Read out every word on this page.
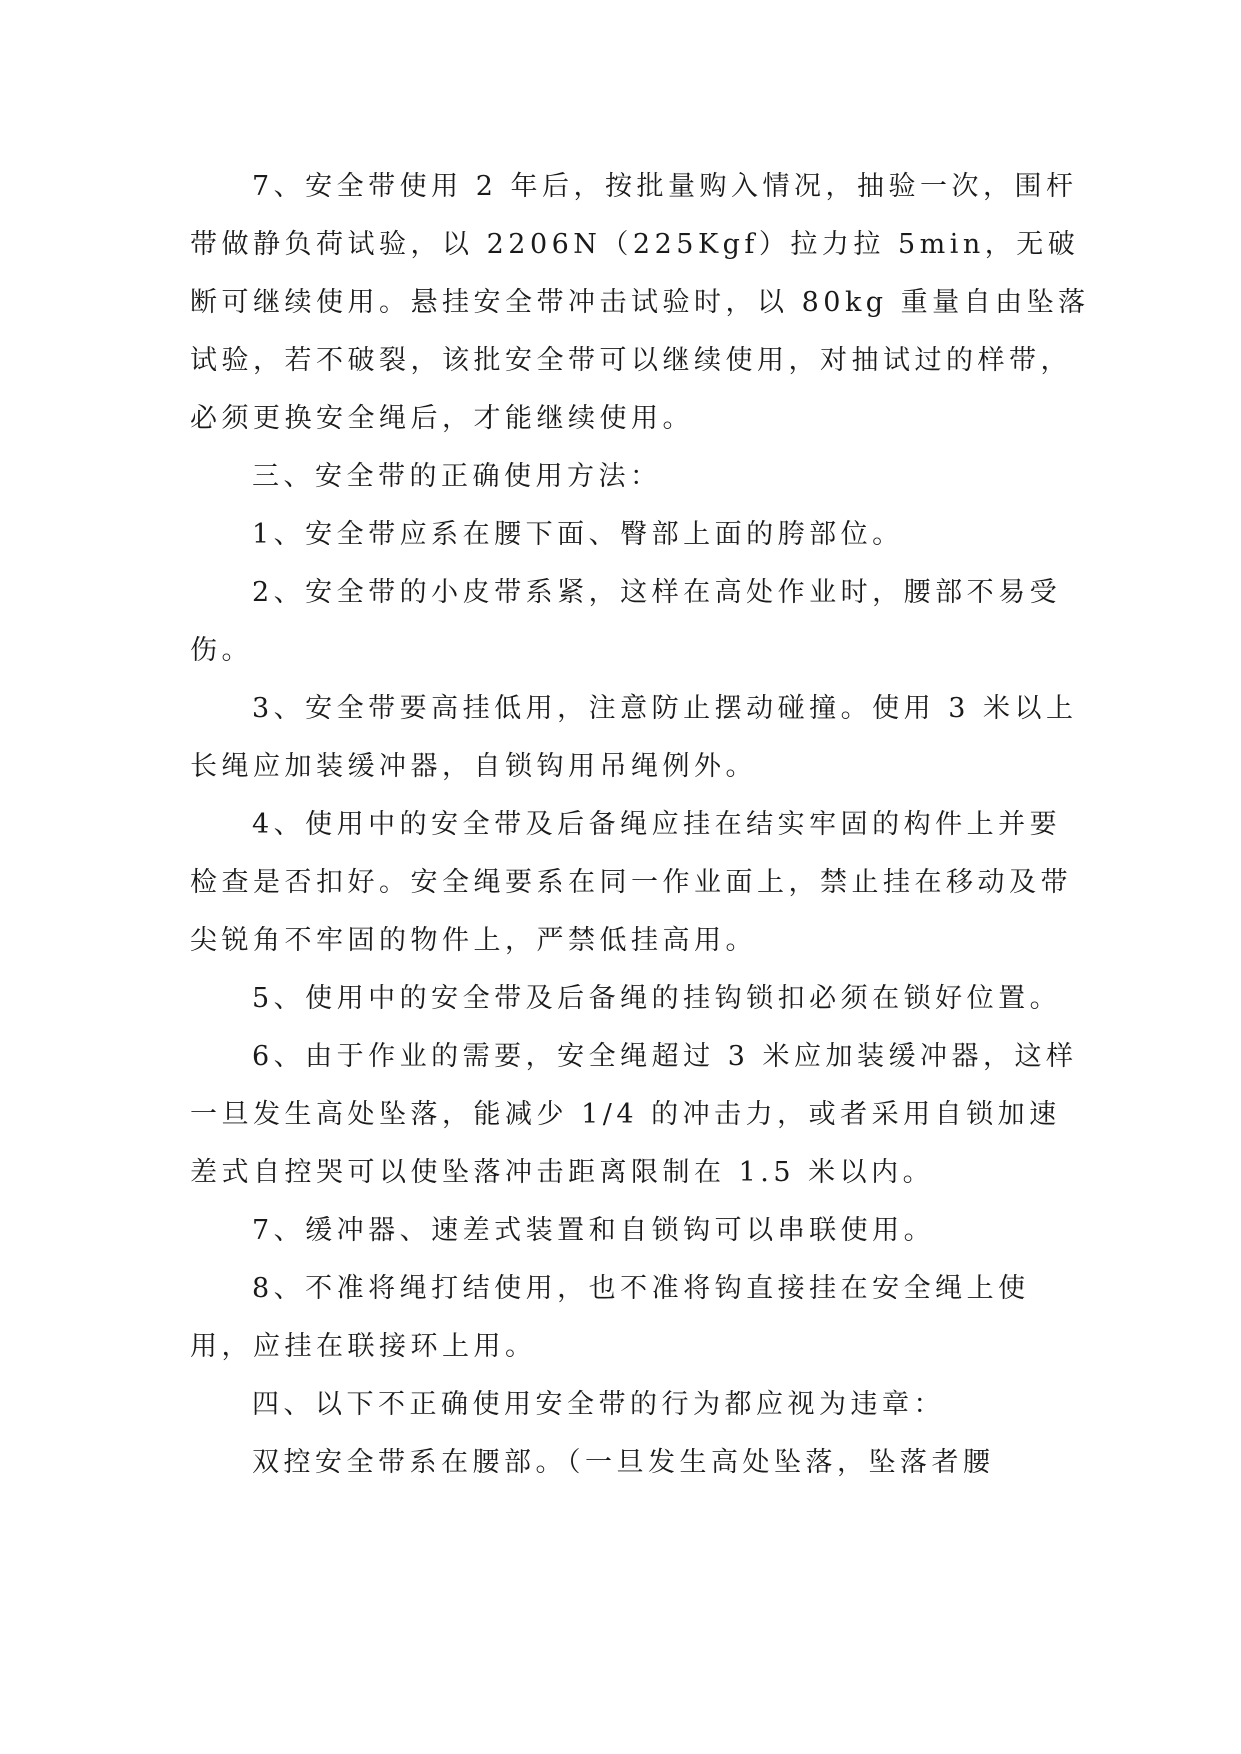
7、安全带使用 2 年后，按批量购入情况，抽验一次，围杆带做静负荷试验，以 2206N（225Kgf）拉力拉 5min，无破断可继续使用。悬挂安全带冲击试验时，以 80kg 重量自由坠落试验，若不破裂，该批安全带可以继续使用，对抽试过的样带，必须更换安全绳后，才能继续使用。

三、安全带的正确使用方法：

1、安全带应系在腰下面、臀部上面的胯部位。

2、安全带的小皮带系紧，这样在高处作业时，腰部不易受伤。

3、安全带要高挂低用，注意防止摆动碰撞。使用 3 米以上长绳应加装缓冲器，自锁钩用吊绳例外。

4、使用中的安全带及后备绳应挂在结实牢固的构件上并要检查是否扣好。安全绳要系在同一作业面上，禁止挂在移动及带尖锐角不牢固的物件上，严禁低挂高用。

5、使用中的安全带及后备绳的挂钩锁扣必须在锁好位置。

6、由于作业的需要，安全绳超过 3 米应加装缓冲器，这样一旦发生高处坠落，能减少 1/4 的冲击力，或者采用自锁加速差式自控哭可以使坠落冲击距离限制在 1.5 米以内。

7、缓冲器、速差式装置和自锁钩可以串联使用。

8、不准将绳打结使用，也不准将钩直接挂在安全绳上使用，应挂在联接环上用。

四、以下不正确使用安全带的行为都应视为违章：

双控安全带系在腰部。（一旦发生高处坠落，坠落者腰
